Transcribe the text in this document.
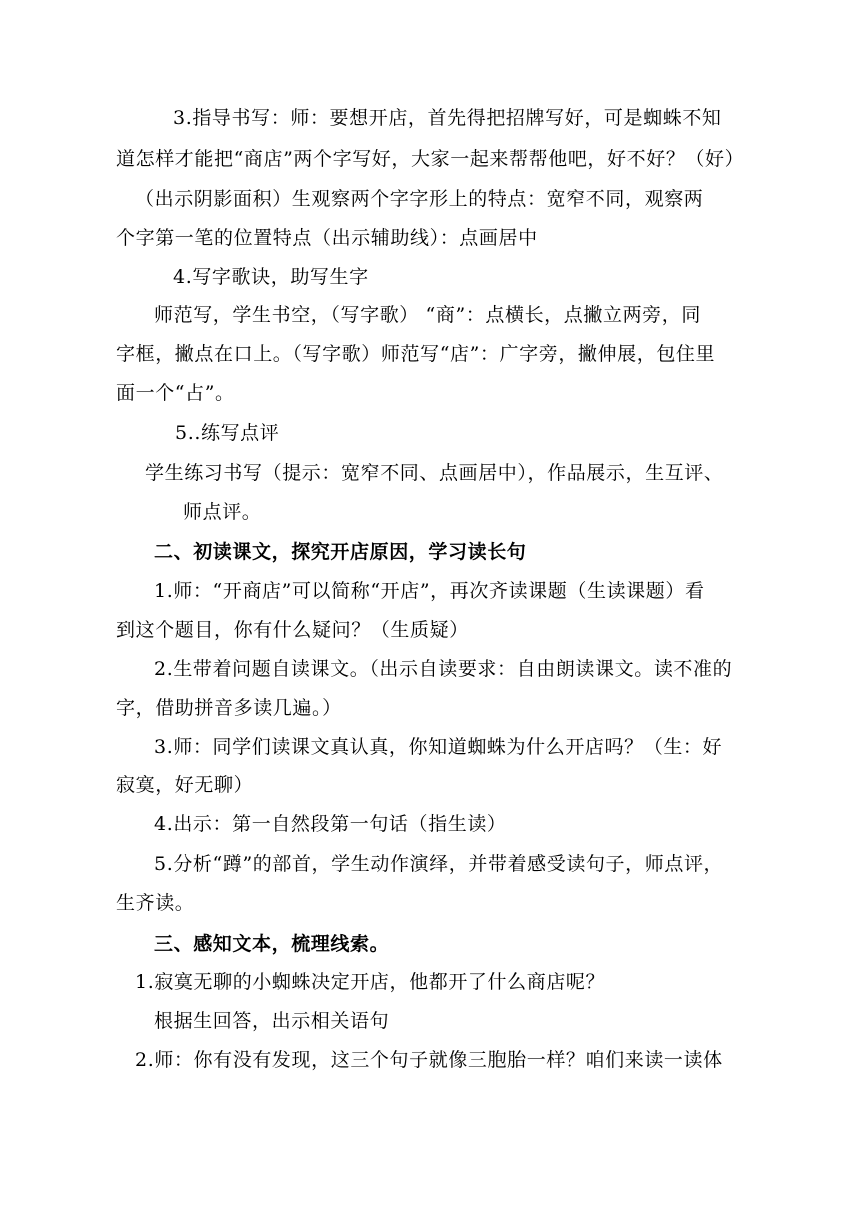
3.指导书写：师：要想开店，首先得把招牌写好，可是蜘蛛不知
道怎样才能把“商店”两个字写好，大家一起来帮帮他吧，好不好？（好）
（出示阴影面积）生观察两个字字形上的特点：宽窄不同，观察两
个字第一笔的位置特点（出示辅助线）：点画居中
4.写字歌诀，助写生字
师范写，学生书空，（写字歌） “商”：点横长，点撇立两旁，同
字框，撇点在口上。（写字歌）师范写“店”：广字旁，撇伸展，包住里
面一个“占”。
5..练写点评
学生练习书写（提示：宽窄不同、点画居中），作品展示，生互评、
师点评。
二、初读课文，探究开店原因，学习读长句
1.师：“开商店”可以简称“开店”，再次齐读课题（生读课题）看
到这个题目，你有什么疑问？（生质疑）
2.生带着问题自读课文。（出示自读要求：自由朗读课文。读不准的
字，借助拼音多读几遍。）
3.师：同学们读课文真认真，你知道蜘蛛为什么开店吗？（生：好
寂寞，好无聊）
4.出示：第一自然段第一句话（指生读）
5.分析“蹲”的部首，学生动作演绎，并带着感受读句子，师点评，
生齐读。
三、感知文本，梳理线索。
1.寂寞无聊的小蜘蛛决定开店，他都开了什么商店呢？
根据生回答，出示相关语句
2.师：你有没有发现，这三个句子就像三胞胎一样？咱们来读一读体
